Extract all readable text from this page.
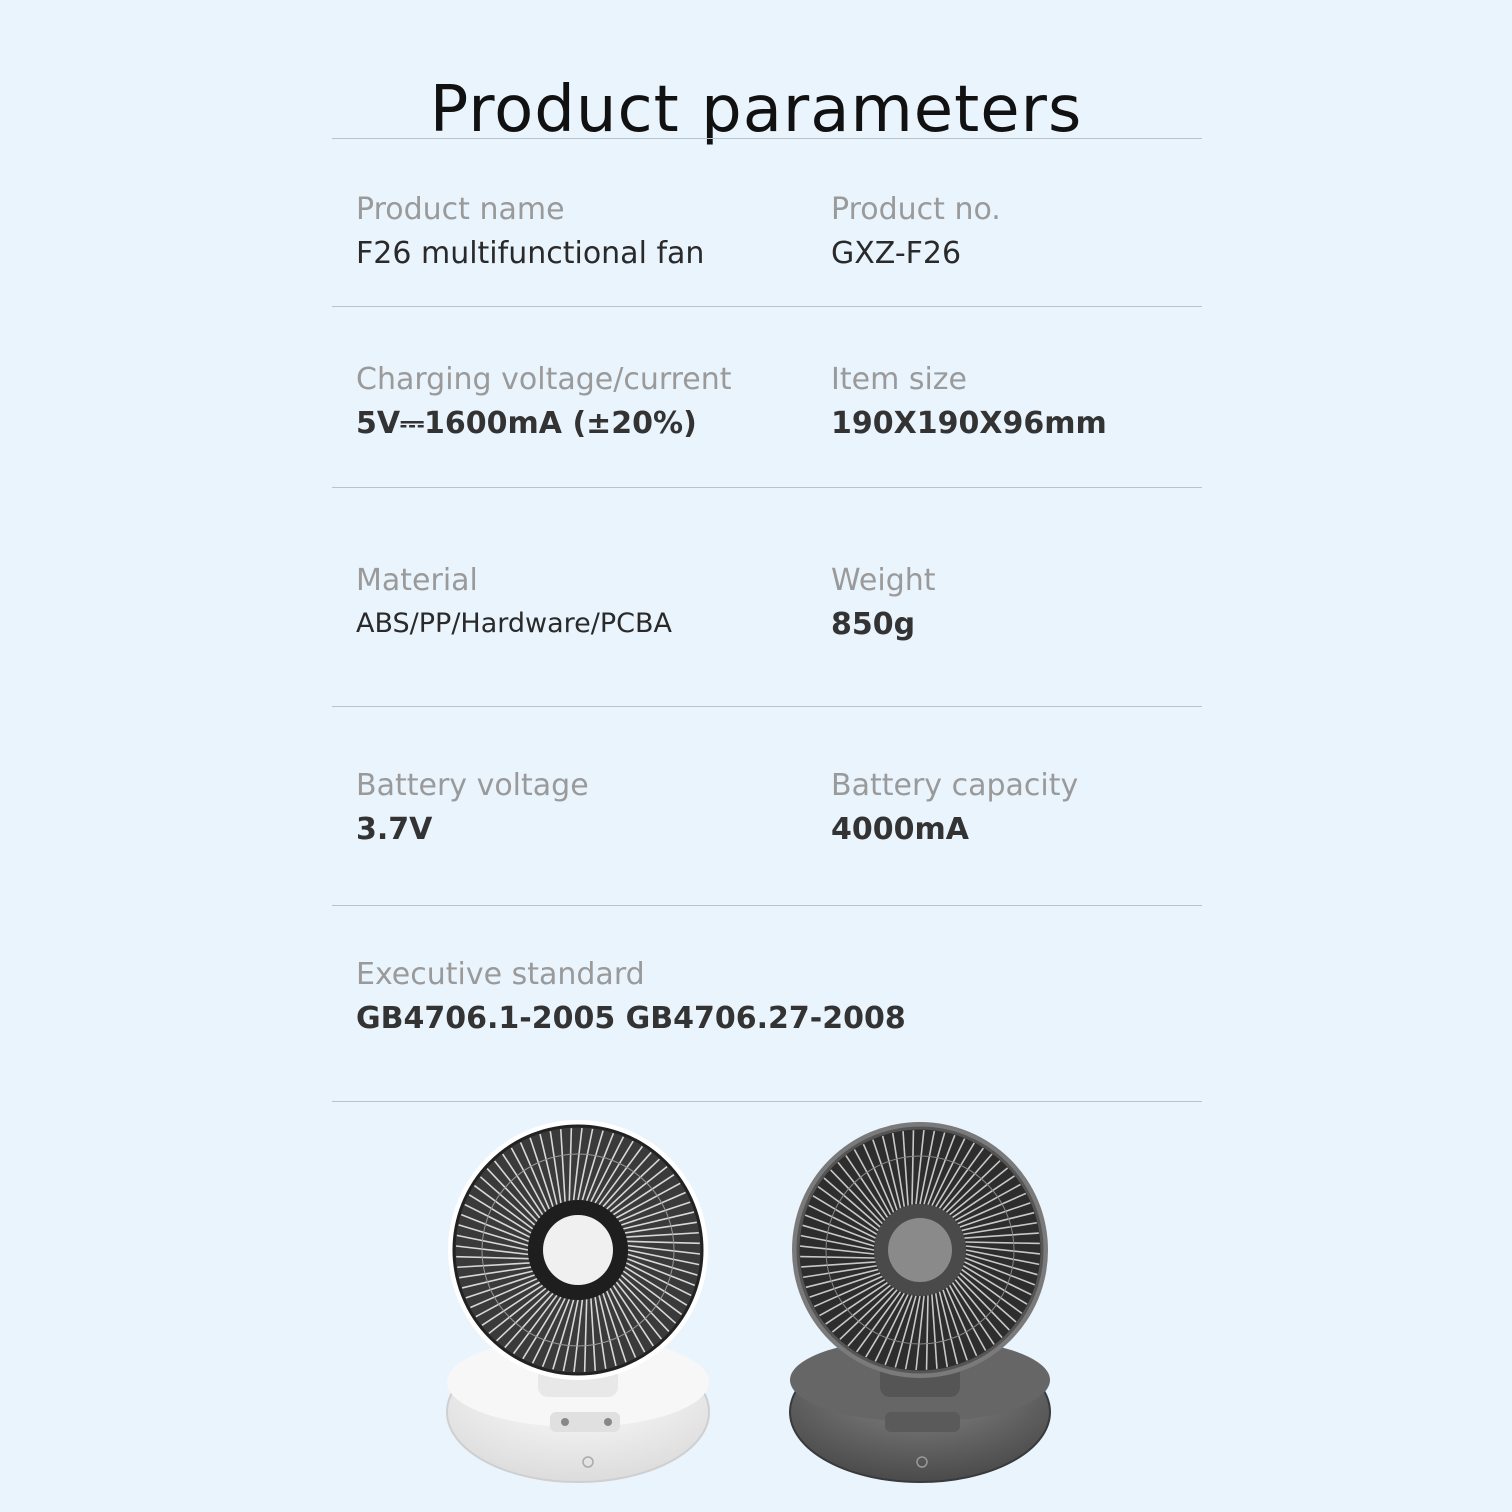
Product parameters
Product name
F26 multifunctional fan
Product no.
GXZ-F26
Charging voltage/current
5V⎓1600mA (±20%)
Item size
190X190X96mm
Material
ABS/PP/Hardware/PCBA
Weight
850g
Battery voltage
3.7V
Battery capacity
4000mA
Executive standard
GB4706.1-2005 GB4706.27-2008
